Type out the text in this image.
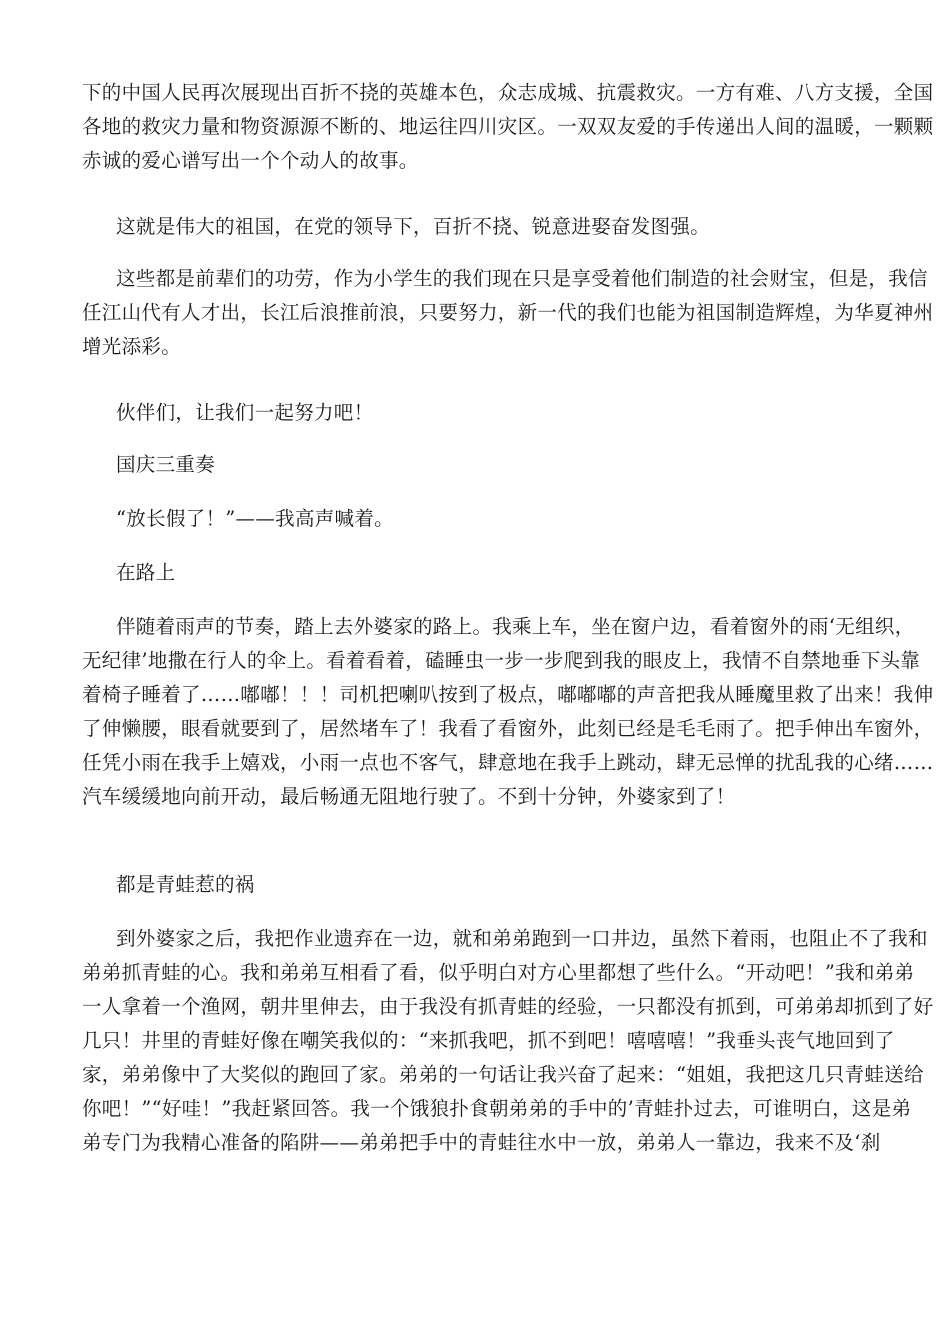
下的中国人民再次展现出百折不挠的英雄本色，众志成城、抗震救灾。一方有难、八方支援，全国
各地的救灾力量和物资源源不断的、地运往四川灾区。一双双友爱的手传递出人间的温暖，一颗颗
赤诚的爱心谱写出一个个动人的故事。
这就是伟大的祖国，在党的领导下，百折不挠、锐意进娶奋发图强。
这些都是前辈们的功劳，作为小学生的我们现在只是享受着他们制造的社会财宝，但是，我信
任江山代有人才出，长江后浪推前浪，只要努力，新一代的我们也能为祖国制造辉煌，为华夏神州
增光添彩。
伙伴们，让我们一起努力吧！
国庆三重奏
“放长假了！”——我高声喊着。
在路上
伴随着雨声的节奏，踏上去外婆家的路上。我乘上车，坐在窗户边，看着窗外的雨‘无组织，
无纪律’地撒在行人的伞上。看着看着，磕睡虫一步一步爬到我的眼皮上，我情不自禁地垂下头靠
着椅子睡着了……嘟嘟！！！司机把喇叭按到了极点，嘟嘟嘟的声音把我从睡魔里救了出来！我伸
了伸懒腰，眼看就要到了，居然堵车了！我看了看窗外，此刻已经是毛毛雨了。把手伸出车窗外，
任凭小雨在我手上嬉戏，小雨一点也不客气，肆意地在我手上跳动，肆无忌惮的扰乱我的心绪……
汽车缓缓地向前开动，最后畅通无阻地行驶了。不到十分钟，外婆家到了！
都是青蛙惹的祸
到外婆家之后，我把作业遗弃在一边，就和弟弟跑到一口井边，虽然下着雨，也阻止不了我和
弟弟抓青蛙的心。我和弟弟互相看了看，似乎明白对方心里都想了些什么。“开动吧！”我和弟弟
一人拿着一个渔网，朝井里伸去，由于我没有抓青蛙的经验，一只都没有抓到，可弟弟却抓到了好
几只！井里的青蛙好像在嘲笑我似的：“来抓我吧，抓不到吧！嘻嘻嘻！”我垂头丧气地回到了
家，弟弟像中了大奖似的跑回了家。弟弟的一句话让我兴奋了起来：“姐姐，我把这几只青蛙送给
你吧！”“好哇！”我赶紧回答。我一个饿狼扑食朝弟弟的手中的’青蛙扑过去，可谁明白，这是弟
弟专门为我精心准备的陷阱——弟弟把手中的青蛙往水中一放，弟弟人一靠边，我来不及‘刹
